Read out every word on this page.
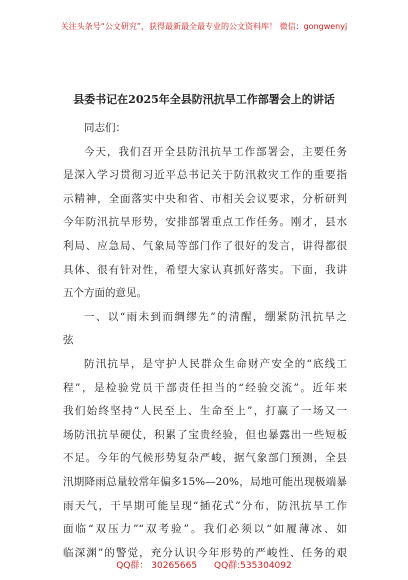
关注头条号“公文研究”，获得最新最全最专业的公文资料库！ 微信：gongwenyj
县委书记在2025年全县防汛抗旱工作部署会上的讲话
同志们：
今天，我们召开全县防汛抗旱工作部署会，主要任务
是深入学习贯彻习近平总书记关于防汛救灾工作的重要指
示精神，全面落实中央和省、市相关会议要求，分析研判
今年防汛抗旱形势，安排部署重点工作任务。刚才，县水
利局、应急局、气象局等部门作了很好的发言，讲得都很
具体、很有针对性，希望大家认真抓好落实。下面，我讲
五个方面的意见。
一、以“雨未到而绸缪先”的清醒，绷紧防汛抗旱之
弦
防汛抗旱，是守护人民群众生命财产安全的“底线工
程”，是检验党员干部责任担当的“经验交流”。近年来
我们始终坚持“人民至上、生命至上”，打赢了一场又一
场防汛抗旱硬仗，积累了宝贵经验，但也暴露出一些短板
不足。今年的气候形势复杂严峻，据气象部门预测，全县
汛期降雨总量较常年偏多15%—20%，局地可能出现极端暴
雨天气，干旱期可能呈现“插花式”分布，防汛抗旱工作
面临“双压力”“双考验”。我们必须以“如履薄冰、如
临深渊”的警觉，充分认识今年形势的严峻性、任务的艰
QQ群： 30265665 QQ群:535304092
